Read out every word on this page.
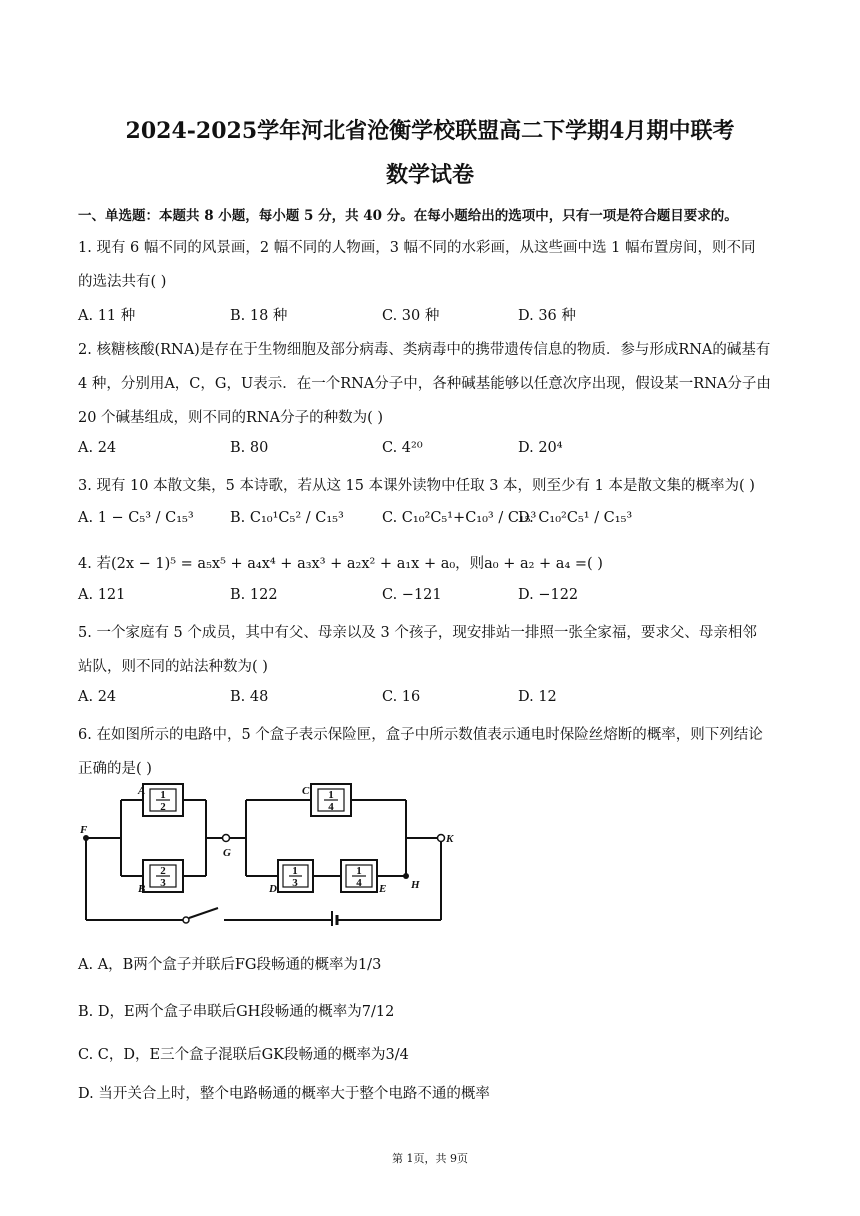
2024-2025学年河北省沧衡学校联盟高二下学期4月期中联考
数学试卷
一、单选题：本题共 8 小题，每小题 5 分，共 40 分。在每小题给出的选项中，只有一项是符合题目要求的。
1. 现有 6 幅不同的风景画，2 幅不同的人物画，3 幅不同的水彩画，从这些画中选 1 幅布置房间，则不同
的选法共有( )
A. 11 种	B. 18 种	C. 30 种	D. 36 种
2. 核糖核酸(RNA)是存在于生物细胞及部分病毒、类病毒中的携带遗传信息的物质．参与形成RNA的碱基有
4 种，分别用A，C，G，U表示．在一个RNA分子中，各种碱基能够以任意次序出现，假设某一RNA分子由
20 个碱基组成，则不同的RNA分子的种数为( )
A. 24	B. 80	C. 4²⁰	D. 20⁴
3. 现有 10 本散文集，5 本诗歌，若从这 15 本课外读物中任取 3 本，则至少有 1 本是散文集的概率为( )
A. 1 − C₅³ / C₁₅³	B. C₁₀¹C₅² / C₁₅³	C. C₁₀²C₅¹+C₁₀³ / C₁₅³
D. C₁₀²C₅¹ / C₁₅³
4. 若(2x − 1)⁵ = a₅x⁵ + a₄x⁴ + a₃x³ + a₂x² + a₁x + a₀，则a₀ + a₂ + a₄ =( )
A. 121	B. 122	C. −121	D. −122
5. 一个家庭有 5 个成员，其中有父、母亲以及 3 个孩子，现安排站一排照一张全家福，要求父、母亲相邻
站队，则不同的站法种数为( )
A. 24	B. 48	C. 16	D. 12
6. 在如图所示的电路中，5 个盒子表示保险匣，盒子中所示数值表示通电时保险丝熔断的概率，则下列结论
正确的是( )
1
2
2
3
1
4
1
3
1
4
A
B
C
D	E
F
G
H
K
A. A，B两个盒子并联后FG段畅通的概率为1/3
B. D，E两个盒子串联后GH段畅通的概率为7/12
C. C，D，E三个盒子混联后GK段畅通的概率为3/4
D. 当开关合上时，整个电路畅通的概率大于整个电路不通的概率
第 1页，共 9页
